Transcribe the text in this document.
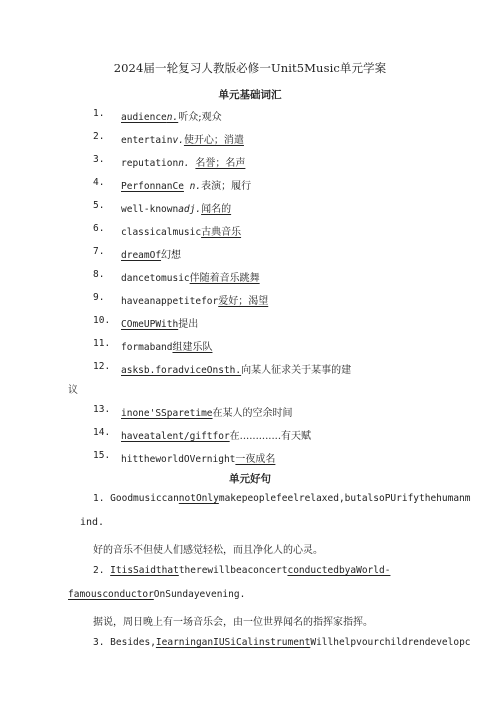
2024届一轮复习人教版必修一Unit5Music单元学案
单元基础词汇
1.	audiencen.听众;观众
2.	entertainv.使开心；消遣
3.	reputationn. 名誉；名声
4.	PerfonnanCe n.表演；履行
5.	well-knownadj.闻名的
6.	classicalmusic古典音乐
7.	dreamOf幻想
8.	dancetomusic伴随着音乐跳舞
9.	haveanappetitefor爱好；渴望
10.	COmeUPWith提出
11.	formaband组建乐队
12.	asksb.foradviceOnsth.向某人征求关于某事的建
13.	inone'SSparetime在某人的空余时间
14.	haveatalent/giftfor在.............有天赋
15.	hittheworldOVernight一夜成名
议
单元好句
1. GoodmusiccannotOnlymakepeoplefeelrelaxed,butalsoPUrifythehumanm
ind.
好的音乐不但使人们感觉轻松，而且净化人的心灵。
2. ItisSaidthattherewillbeaconcertconductedbyaWorld-
famousconductorOnSundayevening.
据说，周日晚上有一场音乐会，由一位世界闻名的指挥家指挥。
3. Besides,IearninganIUSiCalinstrumentWillhelpvourchildrendevelopc
